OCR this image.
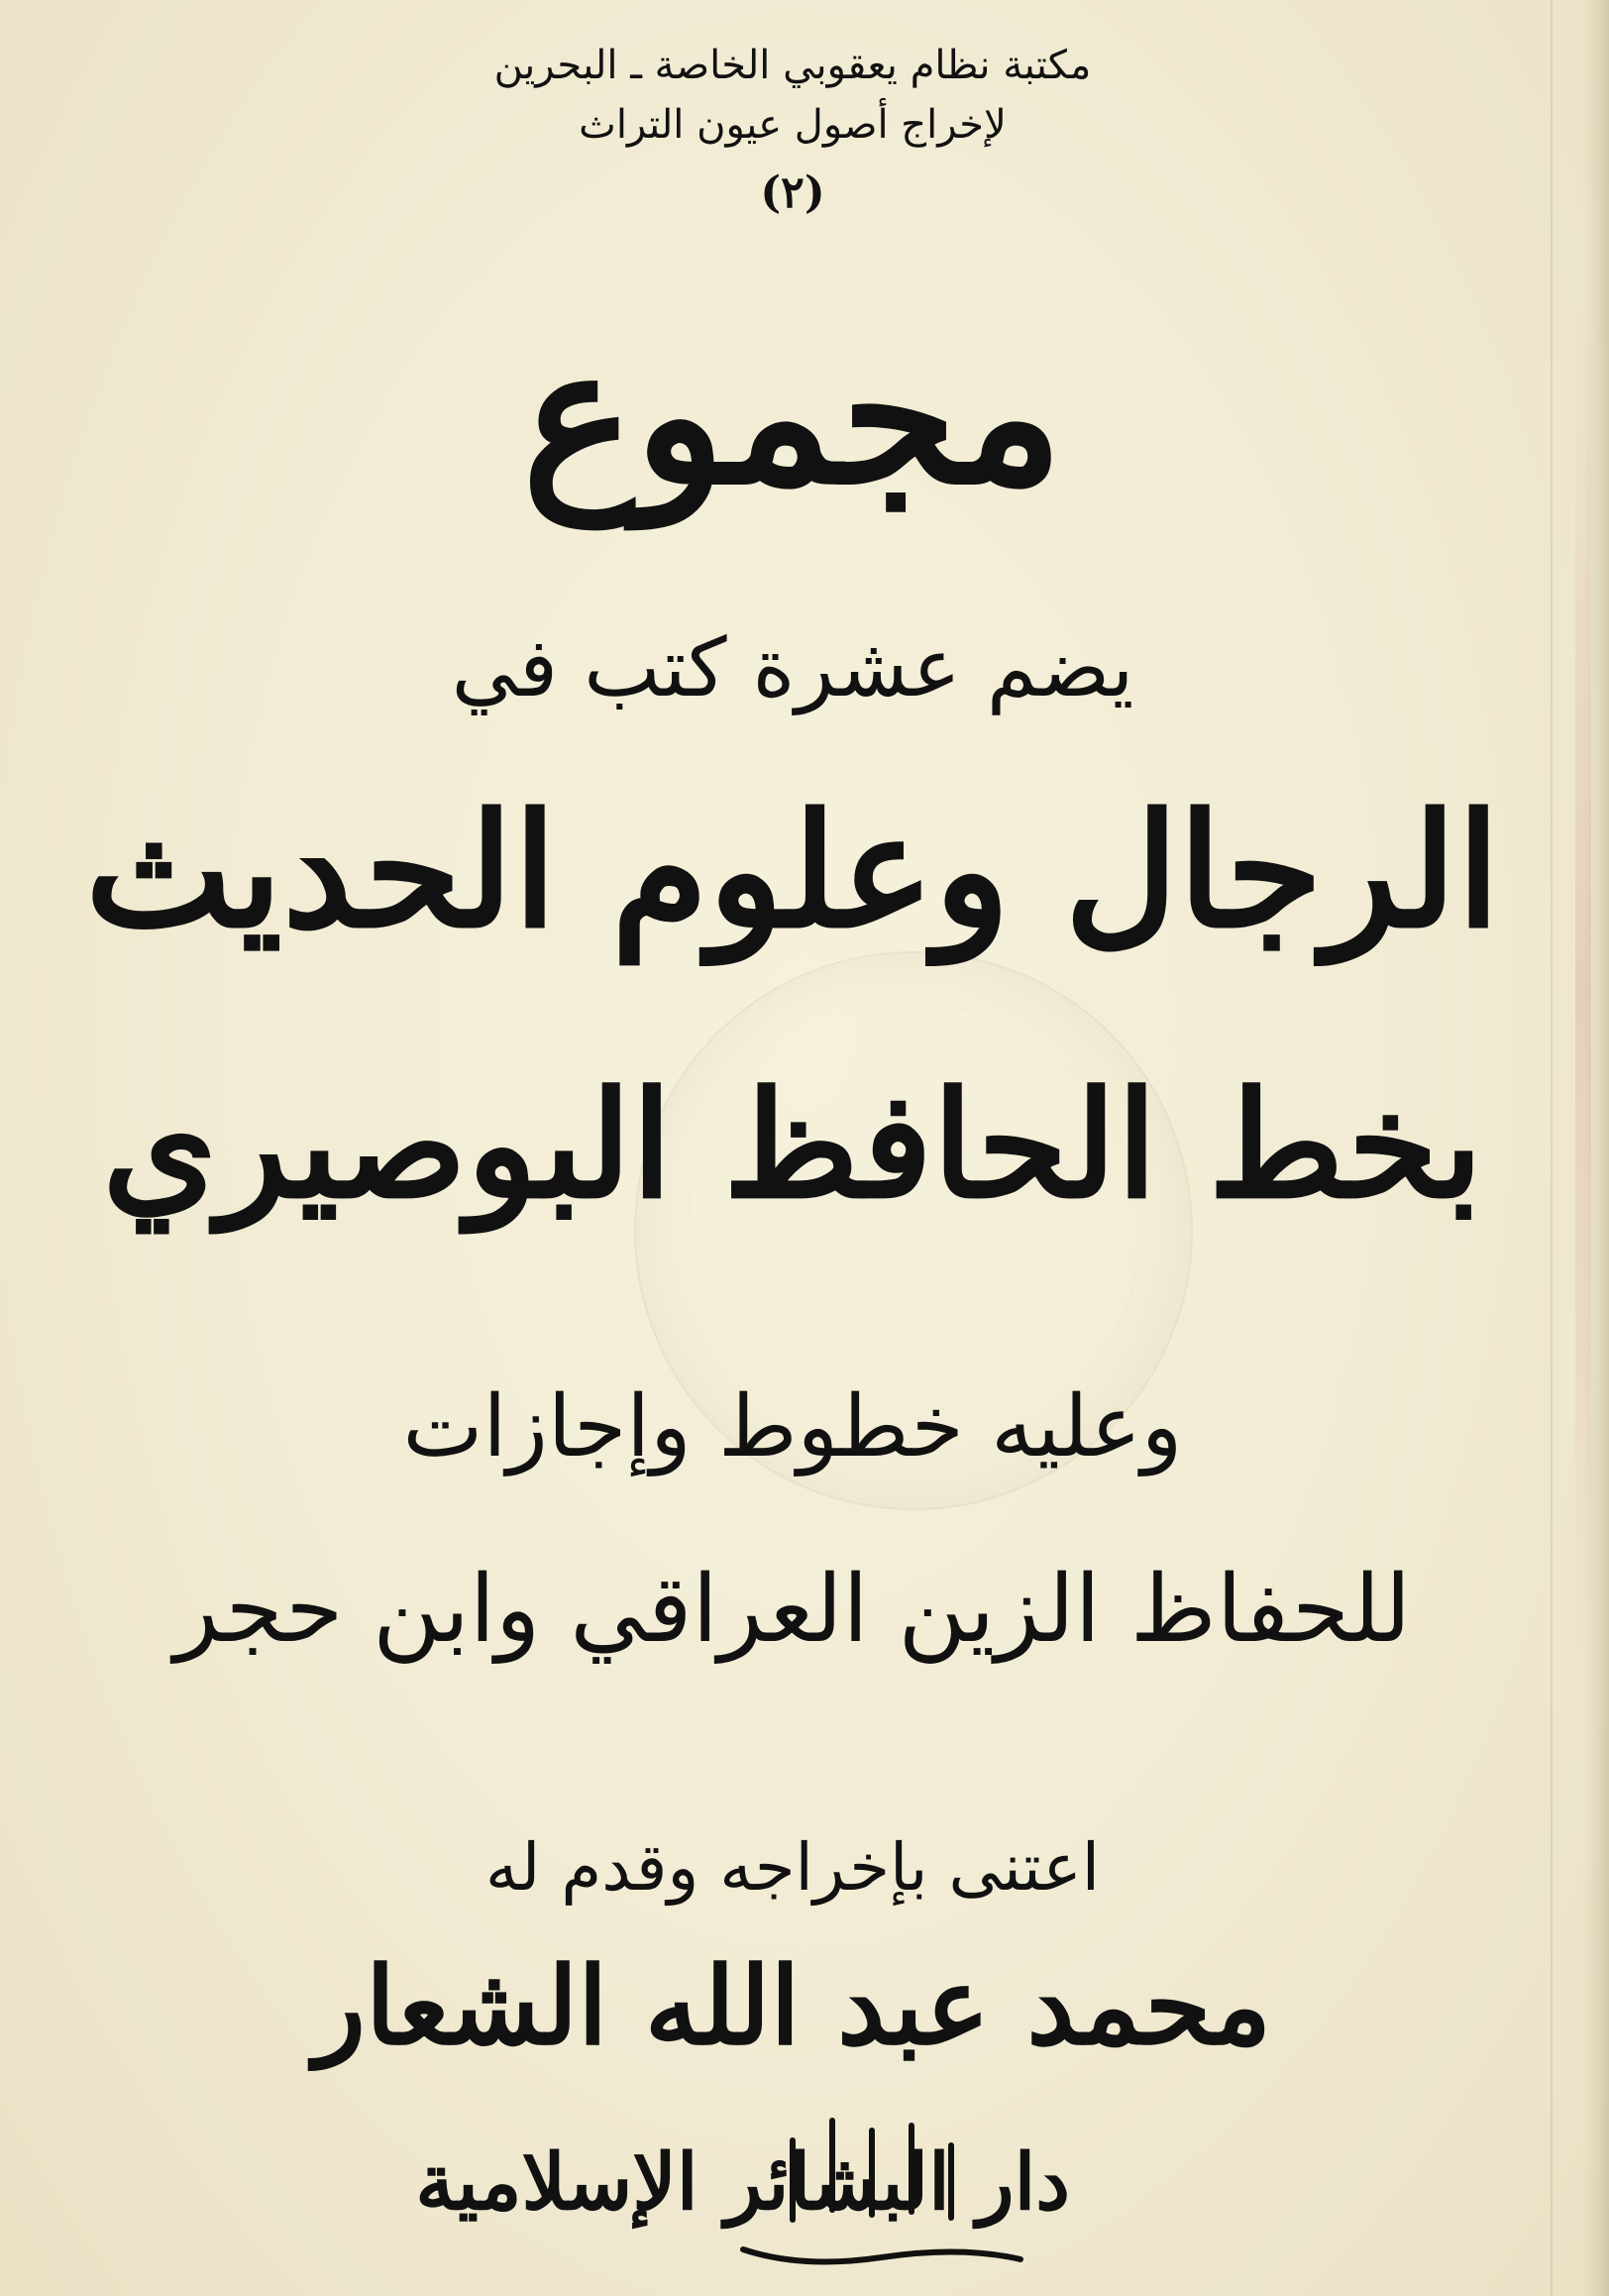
مكتبة نظام يعقوبي الخاصة ـ البحرين
لإخراج أصول عيون التراث
(٢)
مجموع
يضم عشرة كتب في
الرجال وعلوم الحديث
بخط الحافظ البوصيري
وعليه خطوط وإجازات
للحفاظ الزين العراقي وابن حجر
اعتنى بإخراجه وقدم له
محمد عبد الله الشعار
دار البشائر الإسلامية
